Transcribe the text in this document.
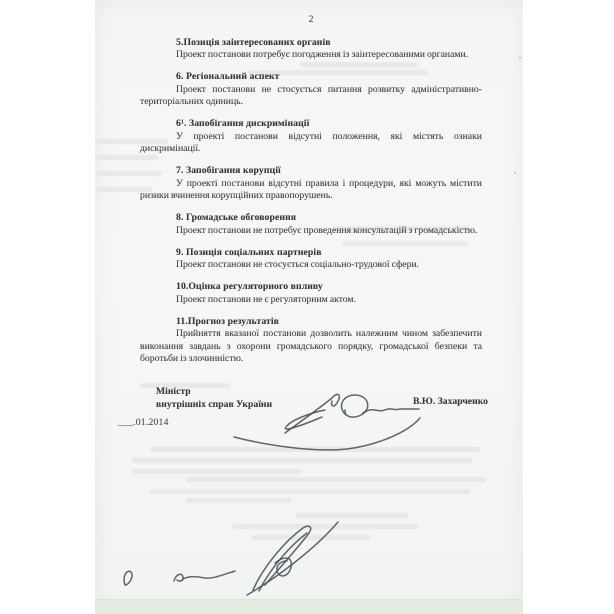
2
5.Позиція заінтересованих органів

Проект постанови потребує погодження із заінтересованими органами.

6. Регіональний аспект

Проект постанови не стосується питання розвитку адміністративно-територіальних одиниць.

6¹. Запобігання дискримінації

У проекті постанови відсутні положення, які містять ознаки дискримінації.

7. Запобігання корупції

У проекті постанови відсутні правила і процедури, які можуть містити ризики вчинення корупційних правопорушень.

8. Громадське обговорення

Проект постанови не потребує проведення консультацій з громадськістю.

9. Позиція соціальних партнерів

Проект постанови не стосується соціально-трудової сфери.

10.Оцінка регуляторного впливу

Проект постанови не є регуляторним актом.

11.Прогноз результатів

Прийняття вказаної постанови дозволить належним чином забезпечити виконання завдань з охорони громадського порядку, громадської безпеки та боротьби із злочинністю.

Міністр
внутрішніх справ України	В.Ю. Захарченко
___.01.2014
